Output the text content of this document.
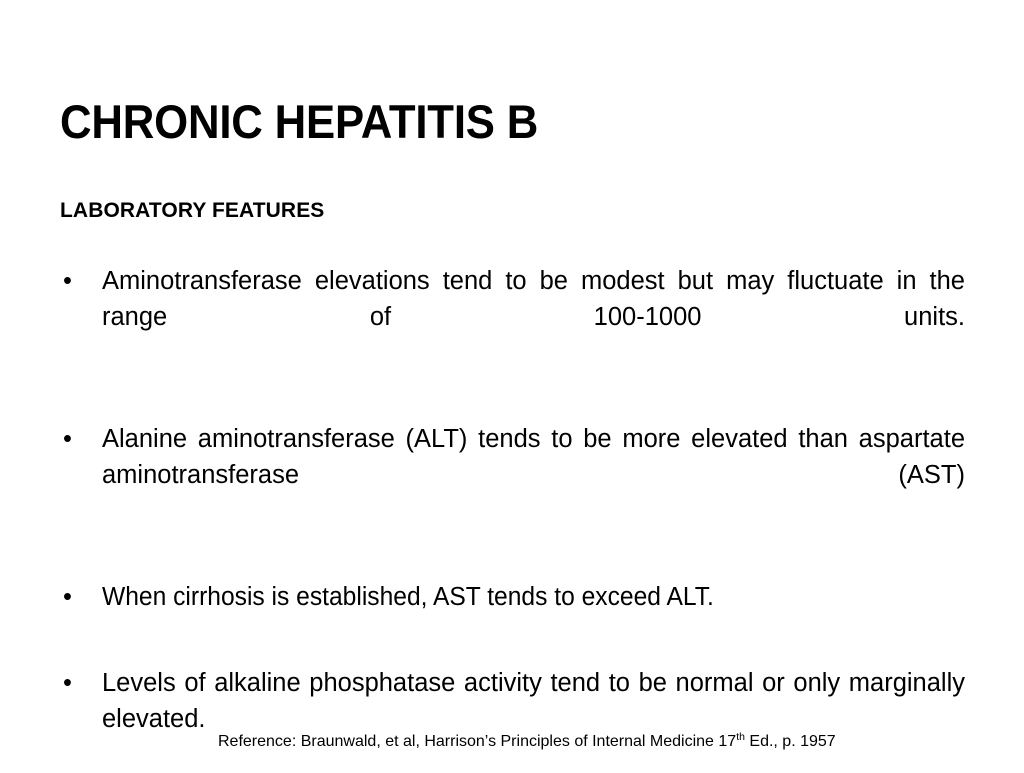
CHRONIC HEPATITIS B
LABORATORY FEATURES
• Aminotransferase elevations tend to be modest but may fluctuate in the range of 100-1000 units.
• Alanine aminotransferase (ALT) tends to be more elevated than aspartate aminotransferase (AST)
• When cirrhosis is established, AST tends to exceed ALT.
• Levels of alkaline phosphatase activity tend to be normal or only marginally elevated.
Reference: Braunwald, et al, Harrison’s Principles of Internal Medicine 17th Ed., p. 1957
